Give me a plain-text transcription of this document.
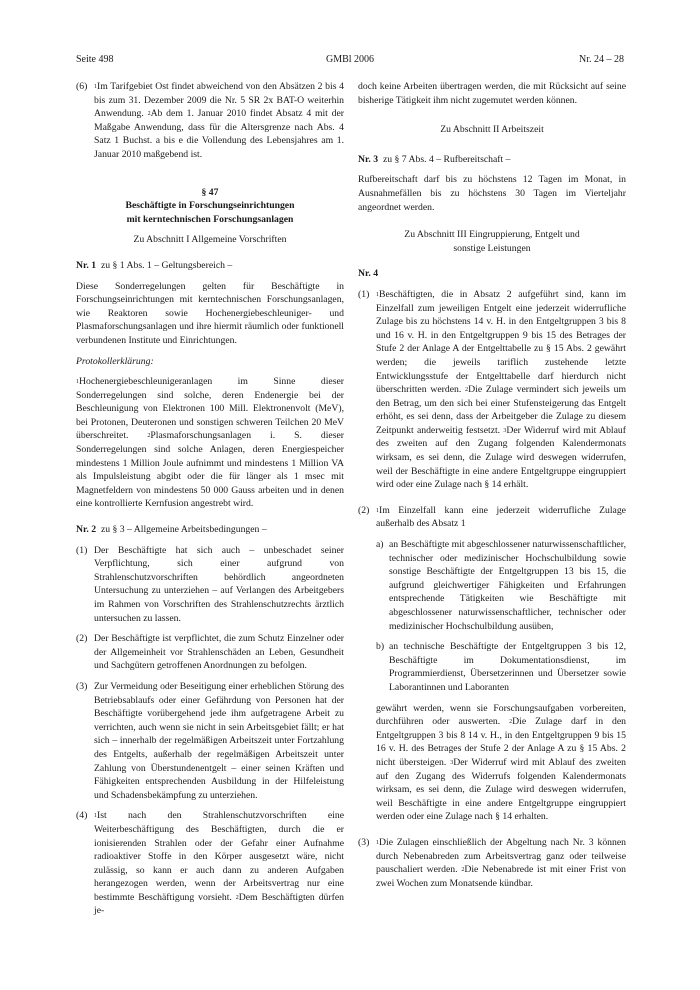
Seite 498	GMBl 2006	Nr. 24 – 28
(6)	$^1$Im Tarifgebiet Ost findet abweichend von den Absätzen 2 bis 4 bis zum 31. Dezember 2009 die Nr. 5 SR 2x BAT-O weiterhin Anwendung. $^2$Ab dem 1. Januar 2010 findet Absatz 4 mit der Maßgabe Anwendung, dass für die Altersgrenze nach Abs. 4 Satz 1 Buchst. a bis e die Vollendung des Lebensjahres am 1. Januar 2010 maßgebend ist.
§ 47
Beschäftigte in Forschungseinrichtungen
mit kerntechnischen Forschungsanlagen
Zu Abschnitt I Allgemeine Vorschriften
Nr. 1 zu § 1 Abs. 1 – Geltungsbereich –

Diese Sonderregelungen gelten für Beschäftigte in Forschungseinrichtungen mit kerntechnischen Forschungsanlagen, wie Reaktoren sowie Hochenergiebeschleuniger- und Plasmaforschungsanlagen und ihre hiermit räumlich oder funktionell verbundenen Institute und Einrichtungen.

Protokollerklärung:

$^1$Hochenergiebeschleunigeranlagen im Sinne dieser Sonderregelungen sind solche, deren Endenergie bei der Beschleunigung von Elektronen 100 Mill. Elektronenvolt (MeV), bei Protonen, Deuteronen und sonstigen schweren Teilchen 20 MeV überschreitet.	$^2$Plasmaforschungsanlagen i. S. dieser Sonderregelungen sind solche Anlagen, deren Energiespeicher mindestens 1 Million Joule aufnimmt und mindestens 1 Million VA als Impulsleistung abgibt oder die für länger als 1 msec mit Magnetfeldern von mindestens 50 000 Gauss arbeiten und in denen eine kontrollierte Kernfusion angestrebt wird.

Nr. 2 zu § 3 – Allgemeine Arbeitsbedingungen –
(1) Der Beschäftigte hat sich auch – unbeschadet seiner Verpflichtung, sich einer aufgrund von Strahlenschutzvorschriften behördlich angeordneten Untersuchung zu unterziehen – auf Verlangen des Arbeitgebers im Rahmen von Vorschriften des Strahlenschutzrechts ärztlich untersuchen zu lassen.
(2) Der Beschäftigte ist verpflichtet, die zum Schutz Einzelner oder der Allgemeinheit vor Strahlenschäden an Leben, Gesundheit und Sachgütern getroffenen Anordnungen zu befolgen.
(3) Zur Vermeidung oder Beseitigung einer erheblichen Störung des Betriebsablaufs oder einer Gefährdung von Personen hat der Beschäftigte vorübergehend jede ihm aufgetragene Arbeit zu verrichten, auch wenn sie nicht in sein Arbeitsgebiet fällt; er hat sich – innerhalb der regelmäßigen Arbeitszeit unter Fortzahlung des Entgelts, außerhalb der regelmäßigen Arbeitszeit unter Zahlung von Überstundenentgelt – einer seinen Kräften und Fähigkeiten entsprechenden Ausbildung in der Hilfeleistung und Schadensbekämpfung zu unterziehen.
(4)	$^1$Ist nach den Strahlenschutzvorschriften eine Weiterbeschäftigung des Beschäftigten, durch die er ionisierenden Strahlen oder der Gefahr einer Aufnahme radioaktiver Stoffe in den Körper ausgesetzt wäre, nicht zulässig, so kann er auch dann zu anderen Aufgaben herangezogen werden, wenn der Arbeitsvertrag nur eine bestimmte Beschäftigung vorsieht. $^2$Dem Beschäftigten dürfen je-

doch keine Arbeiten übertragen werden, die mit Rücksicht auf seine bisherige Tätigkeit ihm nicht zugemutet werden können.

Zu Abschnitt II Arbeitszeit
Nr. 3 zu § 7 Abs. 4 – Rufbereitschaft –

Rufbereitschaft darf bis zu höchstens 12 Tagen im Monat, in Ausnahmefällen bis zu höchstens 30 Tagen im Vierteljahr angeordnet werden.

Zu Abschnitt III Eingruppierung, Entgelt und
sonstige Leistungen
Nr. 4
(1)	$^1$Beschäftigten, die in Absatz 2 aufgeführt sind, kann im Einzelfall zum jeweiligen Entgelt eine jederzeit widerrufliche Zulage bis zu höchstens 14 v. H. in den Entgeltgruppen 3 bis 8 und 16 v. H. in den Entgeltgruppen 9 bis 15 des Betrages der Stufe 2 der Anlage A der Entgelttabelle zu § 15 Abs. 2 gewährt werden; die jeweils tariflich zustehende letzte Entwicklungsstufe der Entgelttabelle darf hierdurch nicht überschritten werden. $^2$Die Zulage vermindert sich jeweils um den Betrag, um den sich bei einer Stufensteigerung das Entgelt erhöht, es sei denn, dass der Arbeitgeber die Zulage zu diesem Zeitpunkt anderweitig festsetzt. $^3$Der Widerruf wird mit Ablauf des zweiten auf den Zugang folgenden Kalendermonats wirksam, es sei denn, die Zulage wird deswegen widerrufen, weil der Beschäftigte in eine andere Entgeltgruppe eingruppiert wird oder eine Zulage nach § 14 erhält.
(2)	$^1$Im Einzelfall kann eine jederzeit widerrufliche Zulage außerhalb des Absatz 1
a) an Beschäftigte mit abgeschlossener naturwissenschaftlicher, technischer oder medizinischer Hochschulbildung sowie sonstige Beschäftigte der Entgeltgruppen 13 bis 15, die aufgrund gleichwertiger Fähigkeiten und Erfahrungen entsprechende Tätigkeiten wie Beschäftigte mit abgeschlossener naturwissenschaftlicher, technischer oder medizinischer Hochschulbildung ausüben,
b) an technische Beschäftigte der Entgeltgruppen 3 bis 12, Beschäftigte im Dokumentationsdienst, im Programmierdienst, Übersetzerinnen und Übersetzer sowie Laborantinnen und Laboranten
gewährt werden, wenn sie Forschungsaufgaben vorbereiten, durchführen oder auswerten. $^2$Die Zulage darf in den Entgeltgruppen 3 bis 8 14 v. H., in den Entgeltgruppen 9 bis 15 16 v. H. des Betrages der Stufe 2 der Anlage A zu § 15 Abs. 2 nicht übersteigen. $^3$Der Widerruf wird mit Ablauf des zweiten auf den Zugang des Widerrufs folgenden Kalendermonats wirksam, es sei denn, die Zulage wird deswegen widerrufen, weil Beschäftigte in eine andere Entgeltgruppe eingruppiert werden oder eine Zulage nach § 14 erhalten.
(3)	$^1$Die Zulagen einschließlich der Abgeltung nach Nr. 3 können durch Nebenabreden zum Arbeitsvertrag ganz oder teilweise pauschaliert werden. $^2$Die Nebenabrede ist mit einer Frist von zwei Wochen zum Monatsende kündbar.
